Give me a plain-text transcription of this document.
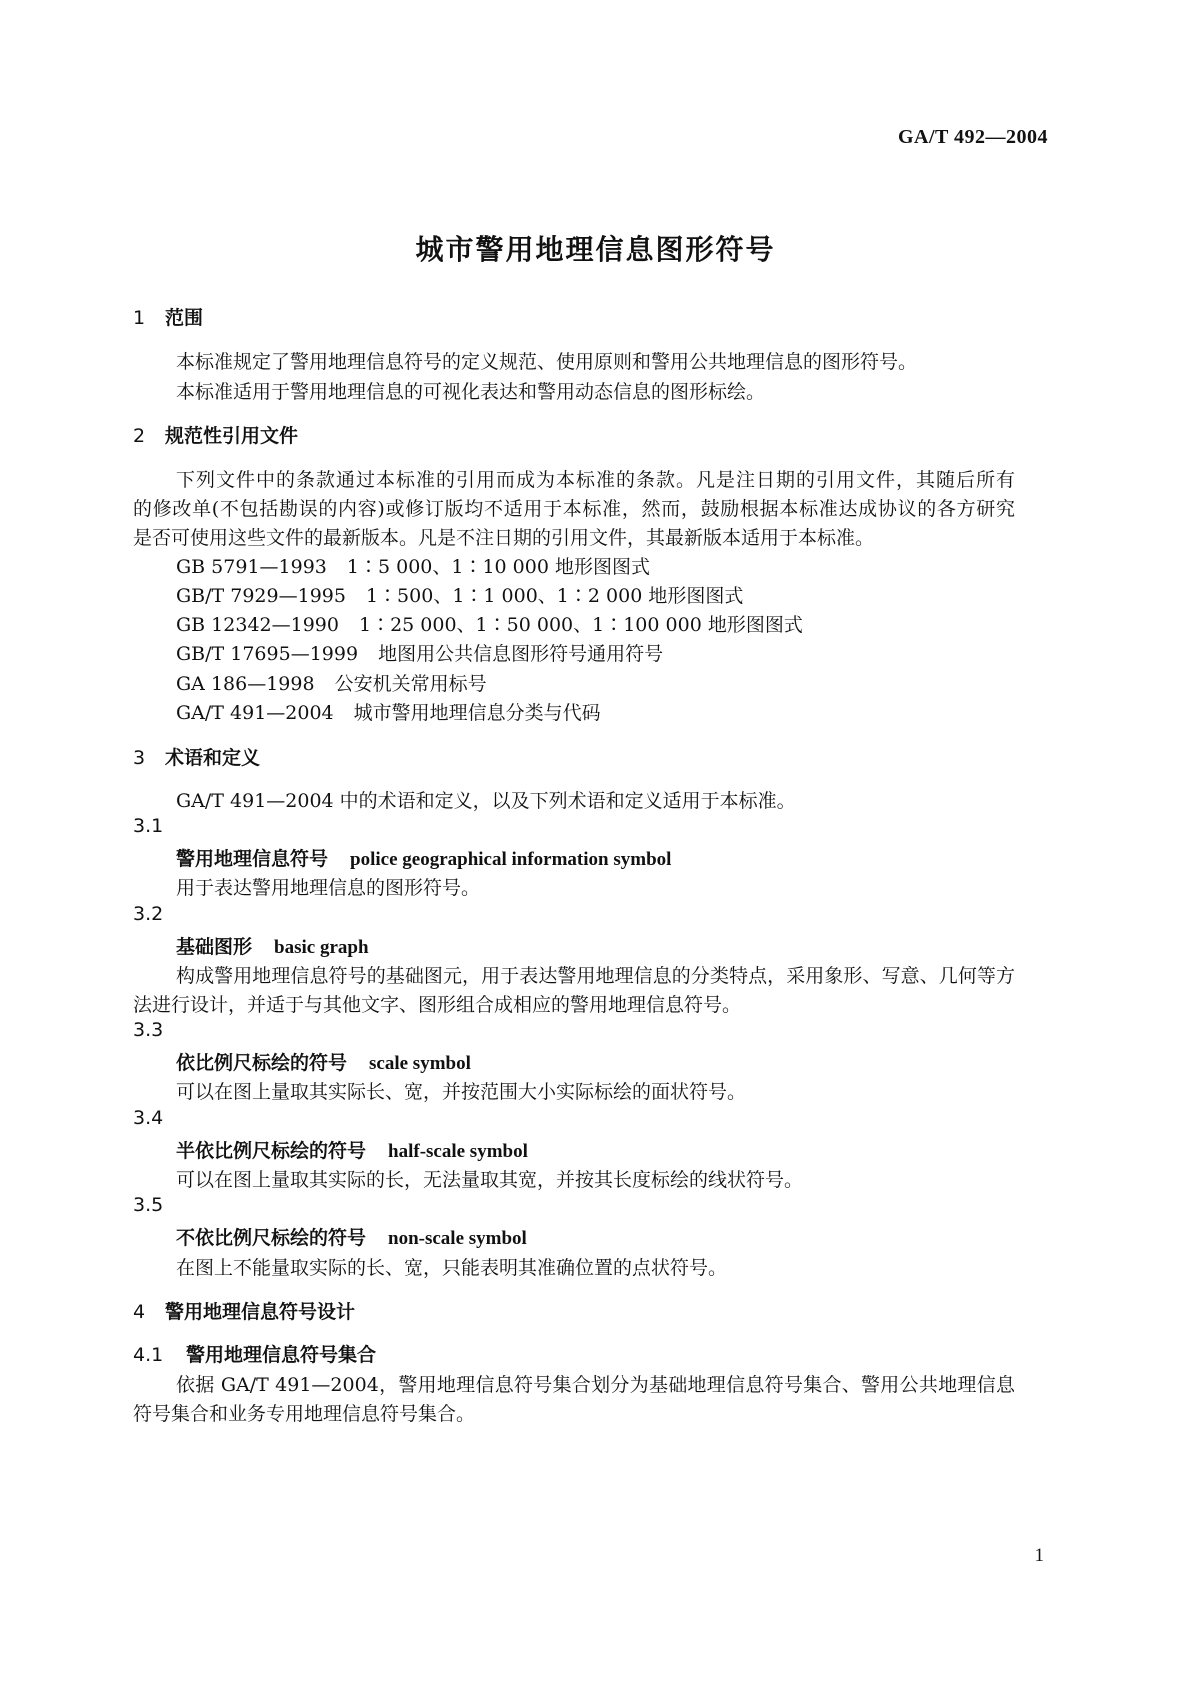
GA/T 492—2004
城市警用地理信息图形符号
1 范围
本标准规定了警用地理信息符号的定义规范、使用原则和警用公共地理信息的图形符号。
本标准适用于警用地理信息的可视化表达和警用动态信息的图形标绘。
2 规范性引用文件
下列文件中的条款通过本标准的引用而成为本标准的条款。凡是注日期的引用文件，其随后所有
的修改单(不包括勘误的内容)或修订版均不适用于本标准，然而，鼓励根据本标准达成协议的各方研究
是否可使用这些文件的最新版本。凡是不注日期的引用文件，其最新版本适用于本标准。
GB 5791—1993 1∶5 000、1∶10 000 地形图图式
GB/T 7929—1995 1∶500、1∶1 000、1∶2 000 地形图图式
GB 12342—1990 1∶25 000、1∶50 000、1∶100 000 地形图图式
GB/T 17695—1999 地图用公共信息图形符号通用符号
GA 186—1998 公安机关常用标号
GA/T 491—2004 城市警用地理信息分类与代码
3 术语和定义
GA/T 491—2004 中的术语和定义，以及下列术语和定义适用于本标准。
3.1
警用地理信息符号 police geographical information symbol
用于表达警用地理信息的图形符号。
3.2
基础图形 basic graph
构成警用地理信息符号的基础图元，用于表达警用地理信息的分类特点，采用象形、写意、几何等方
法进行设计，并适于与其他文字、图形组合成相应的警用地理信息符号。
3.3
依比例尺标绘的符号 scale symbol
可以在图上量取其实际长、宽，并按范围大小实际标绘的面状符号。
3.4
半依比例尺标绘的符号 half-scale symbol
可以在图上量取其实际的长，无法量取其宽，并按其长度标绘的线状符号。
3.5
不依比例尺标绘的符号 non-scale symbol
在图上不能量取实际的长、宽，只能表明其准确位置的点状符号。
4 警用地理信息符号设计
4.1 警用地理信息符号集合
依据 GA/T 491—2004，警用地理信息符号集合划分为基础地理信息符号集合、警用公共地理信息
符号集合和业务专用地理信息符号集合。
1
